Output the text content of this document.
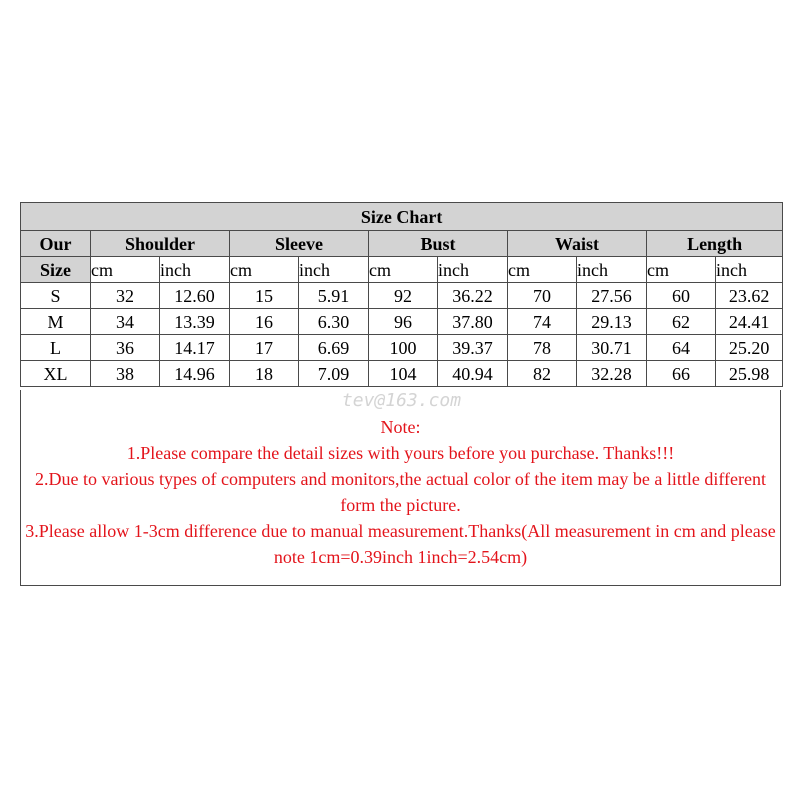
Size Chart										
Our	Shoulder		Sleeve		Bust		Waist		Length	
Size	cm	inch	cm	inch	cm	inch	cm	inch	cm	inch
S	32	12.60	15	5.91	92	36.22	70	27.56	60	23.62
M	34	13.39	16	6.30	96	37.80	74	29.13	62	24.41
L	36	14.17	17	6.69	100	39.37	78	30.71	64	25.20
XL	38	14.96	18	7.09	104	40.94	82	32.28	66	25.98
tev@163.com

Note:

1.Please compare the detail sizes with yours before you purchase. Thanks!!!

2.Due to various types of computers and monitors,the actual color of the item may be a little different form the picture.

3.Please allow 1-3cm difference due to manual measurement.Thanks(All measurement in cm and please note 1cm=0.39inch 1inch=2.54cm)
